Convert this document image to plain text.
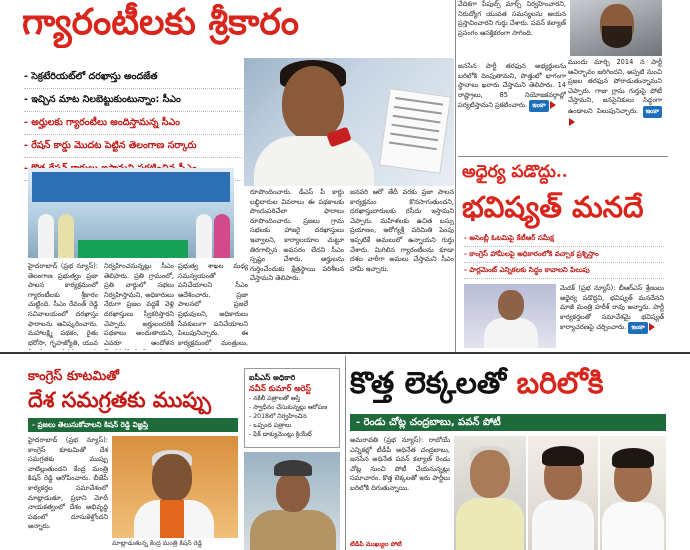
గ్యారంటీలకు శ్రీకారం
- సెక్రటేరియట్‌లో దరఖాస్తు అందజేత
- ఇచ్చిన మాట నిలబెట్టుకుంటున్నాం: సీఎం
- అర్హులకు గ్యారంటీలు అందిస్తామన్న సీఎం
- రేషన్ కార్డు మొదట పెట్టిన తెలంగాణ సర్కారు
-
హైదరాబాద్ (ప్రభ న్యూస్): తెలంగాణ ప్రభుత్వం ప్రజా పాలన కార్యక్రమంలో గ్యారంటీలకు శ్రీకారం చుట్టింది. సీఎం రేవంత్ రెడ్డి సచివాలయంలో దరఖాస్తు ఫారాలను ఆవిష్కరించారు. మహాలక్ష్మి పథకం, రైతు భరోసా, గృహజ్యోతి, యువ
నిర్వహించనున్నట్లు సీఎం తెలిపారు. ప్రతి గ్రామంలో, ప్రతి వార్డులో సభలు నిర్వహిస్తామని, అధికారులు నేరుగా ప్రజల వద్దకే వెళ్లి దరఖాస్తులు స్వీకరిస్తారని చెప్పారు. అర్హులందరికీ పథకాలు అందుతాయని, ఎవరూ ఆందోళన
ప్రభుత్వ శాఖల మధ్య సమన్వయంతో పనిచేయాలని సీఎం ఆదేశించారు. ప్రజా పాలనలో ప్రజలే ప్రభువులని, అధికారులు సేవకులుగా పనిచేయాలని పిలుపునిచ్చారు. ఈ కార్యక్రమంలో మంత్రులు,
రూపొందించారు. డీఎస్ పీ కార్డు లబ్ధిదారుల వివరాలు ఈ పథకాలకు పొందుపరిచేలా ఫారాలు రూపొందించారు. ప్రజలు గ్రామ సభలకు హాజరై దరఖాస్తులు ఇవ్వాలని, కార్యాలయాల చుట్టూ తిరగాల్సిన అవసరం లేదని సీఎం స్పష్టం చేశారు. అర్హులను గుర్తించేందుకు క్షేత్రస్థాయి పరిశీలన చేస్తామని తెలిపారు.
జనవరి ఆరో తేదీ వరకు ప్రజా పాలన కార్యక్రమం కొనసాగుతుందని, దరఖాస్తుదారులకు రసీదు ఇస్తామని చెప్పారు. మహిళలకు ఉచిత బస్సు ప్రయాణం, ఆరోగ్యశ్రీ పరిమితి పెంపు ఇప్పటికే అమలులో ఉన్నాయని గుర్తు చేశారు. మిగిలిన గ్యారంటీలను కూడా దశల వారీగా అమలు చేస్తామని సీఎం హామీ ఇచ్చారు.
వేదికగా పీపుల్స్ మార్చ్ నిర్వహించారని, నిరుద్యోగ యువత సమస్యలను ఆయన ప్రస్తావించారని గుర్తు చేశారు. పవన్ కల్యాణ్ ప్రసంగం ఆసక్తికరంగా సాగింది.
జనసేన పార్టీ తరఫున అభ్యర్థులను బరిలోకి దింపుతామని, పొత్తులో భాగంగా స్థానాలు ఖరారు చేస్తామని తెలిపారు. 14 రాష్ట్రాలు, 85 నియోజకవర్గాల్లో పర్యటిస్తామని ప్రకటించారు. ఇంకా
ముందు మార్చి 2014 న పార్టీ ఆవిర్భావం జరిగిందని, అప్పటి నుంచి ప్రజల తరఫున పోరాడుతున్నామని చెప్పారు. గాజు గ్లాసు గుర్తుపై పోటీ చేస్తామని, జనసైనికులు సిద్ధంగా ఉండాలని పిలుపునిచ్చారు. ఇంకా
అధైర్య పడొద్దు..
భవిష్యత్ మనదే
- అసెంబ్లీ ఓటమిపై కేటీఆర్ సమీక్ష
- కాంగ్రెస్ హామీలపై అధికారంలోకి వచ్చాక ప్రశ్నిస్తాం
- పార్లమెంట్ ఎన్నికలకు సిద్ధం కావాలని పిలుపు
మెదక్ (ప్రభ న్యూస్): బీఆర్ఎస్ శ్రేణులు అధైర్య పడొద్దని, భవిష్యత్ మనదేనని మాజీ మంత్రి హరీశ్ రావు అన్నారు. పార్టీ కార్యకర్తలతో సమావేశమై భవిష్యత్ కార్యాచరణపై చర్చించారు. ఇంకా
కాంగ్రెస్ కూటమితో
దేశ సమగ్రతకు ముప్పు
- ప్రజలు తెలుసుకోవాలని కిషన్ రెడ్డి విజ్ఞప్తి
హైదరాబాద్ (ప్రభ న్యూస్): కాంగ్రెస్ కూటమితో దేశ సమగ్రతకు ముప్పు వాటిల్లుతుందని కేంద్ర మంత్రి కిషన్ రెడ్డి ఆరోపించారు. బీజేపీ కార్యకర్తల సమావేశంలో మాట్లాడుతూ, ప్రధాని మోదీ నాయకత్వంలో దేశం అభివృద్ధి పథంలో దూసుకెళ్తోందని అన్నారు.
మాట్లాడుతున్న కేంద్ర మంత్రి కిషన్ రెడ్డి
ఐపీఎస్ అధికారి
నవీన్ కుమార్ అరెస్ట్
- నకిలీ పత్రాలతో ఆస్తి
- స్వాధీనం చేసుకున్నట్లు ఆరోపణ
- 2018లో నిర్వహించిన
- ఒప్పంద పత్రాలు
- ఫేక్ డాక్యుమెంట్లు క్రియేట్
కొత్త లెక్కలతో బరిలోకి
- రెండు చోట్ల చంద్రబాబు, పవన్ పోటీ
అమరావతి (ప్రభ న్యూస్): రాబోయే ఎన్నికల్లో టీడీపీ అధినేత చంద్రబాబు, జనసేన అధినేత పవన్ కల్యాణ్ రెండు చోట్ల నుంచి పోటీ చేయనున్నట్లు సమాచారం. కొత్త లెక్కలతో ఇరు పార్టీలు బరిలోకి దిగుతున్నాయి.
టీడీపీ ముఖ్యుల పోటీ
